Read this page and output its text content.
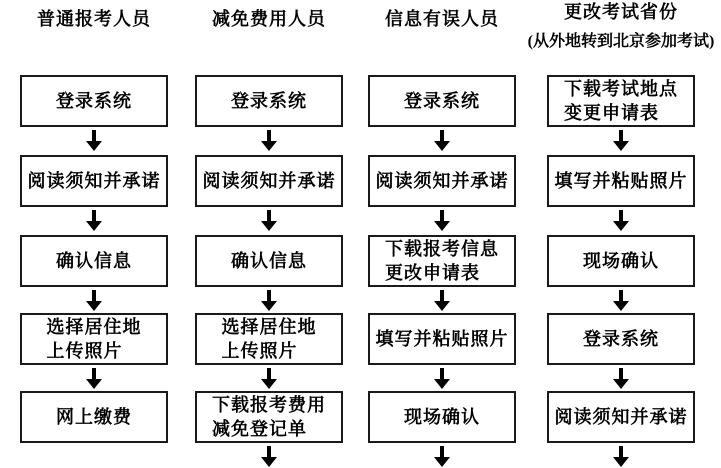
普通报考人员
登录系统
阅读须知并承诺
确认信息
选择居住地
上传照片
网上缴费
减免费用人员
登录系统
阅读须知并承诺
确认信息
选择居住地
上传照片
下载报考费用
减免登记单
信息有误人员
登录系统
阅读须知并承诺
下载报考信息
更改申请表
填写并粘贴照片
现场确认
更改考试省份
(从外地转到北京参加考试)
下载考试地点
变更申请表
填写并粘贴照片
现场确认
登录系统
阅读须知并承诺
